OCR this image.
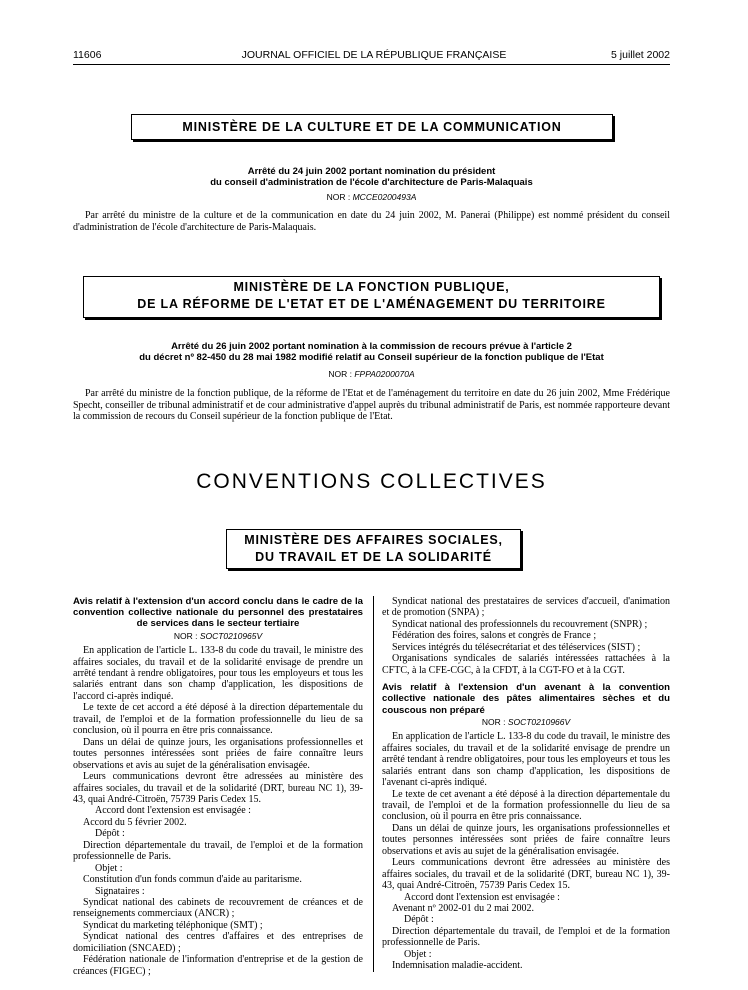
11606	JOURNAL OFFICIEL DE LA RÉPUBLIQUE FRANÇAISE	5 juillet 2002
MINISTÈRE DE LA CULTURE ET DE LA COMMUNICATION
Arrêté du 24 juin 2002 portant nomination du président
du conseil d'administration de l'école d'architecture de Paris-Malaquais
NOR : MCCE0200493A
Par arrêté du ministre de la culture et de la communication en date du 24 juin 2002, M. Panerai (Philippe) est nommé président du conseil d'administration de l'école d'architecture de Paris-Malaquais.
MINISTÈRE DE LA FONCTION PUBLIQUE,
DE LA RÉFORME DE L'ETAT ET DE L'AMÉNAGEMENT DU TERRITOIRE
Arrêté du 26 juin 2002 portant nomination à la commission de recours prévue à l'article 2
du décret nº 82-450 du 28 mai 1982 modifié relatif au Conseil supérieur de la fonction publique de l'Etat
NOR : FPPA0200070A
Par arrêté du ministre de la fonction publique, de la réforme de l'Etat et de l'aménagement du territoire en date du 26 juin 2002, Mme Frédérique Specht, conseiller de tribunal administratif et de cour administrative d'appel auprès du tribunal administratif de Paris, est nommée rapporteure devant la commission de recours du Conseil supérieur de la fonction publique de l'Etat.
CONVENTIONS COLLECTIVES
MINISTÈRE DES AFFAIRES SOCIALES,
DU TRAVAIL ET DE LA SOLIDARITÉ
Avis relatif à l'extension d'un accord conclu dans le cadre de la convention collective nationale du personnel des prestataires de services dans le secteur tertiaire
NOR : SOCT0210965V

En application de l'article L. 133-8 du code du travail, le ministre des affaires sociales, du travail et de la solidarité envisage de prendre un arrêté tendant à rendre obligatoires, pour tous les employeurs et tous les salariés entrant dans son champ d'application, les dispositions de l'accord ci-après indiqué.

Le texte de cet accord a été déposé à la direction départementale du travail, de l'emploi et de la formation professionnelle du lieu de sa conclusion, où il pourra en être pris connaissance.

Dans un délai de quinze jours, les organisations professionnelles et toutes personnes intéressées sont priées de faire connaître leurs observations et avis au sujet de la généralisation envisagée.

Leurs communications devront être adressées au ministère des affaires sociales, du travail et de la solidarité (DRT, bureau NC 1), 39-43, quai André-Citroën, 75739 Paris Cedex 15.

Accord dont l'extension est envisagée :

Accord du 5 février 2002.

Dépôt :

Direction départementale du travail, de l'emploi et de la formation professionnelle de Paris.

Objet :

Constitution d'un fonds commun d'aide au paritarisme.

Signataires :

Syndicat national des cabinets de recouvrement de créances et de renseignements commerciaux (ANCR) ;

Syndicat du marketing téléphonique (SMT) ;

Syndicat national des centres d'affaires et des entreprises de domiciliation (SNCAED) ;

Fédération nationale de l'information d'entreprise et de la gestion de créances (FIGEC) ;

Syndicat national des prestataires de services d'accueil, d'animation et de promotion (SNPA) ;

Syndicat national des professionnels du recouvrement (SNPR) ;

Fédération des foires, salons et congrès de France ;

Services intégrés du télésecrétariat et des téléservices (SIST) ;

Organisations syndicales de salariés intéressées rattachées à la CFTC, à la CFE-CGC, à la CFDT, à la CGT-FO et à la CGT.

Avis relatif à l'extension d'un avenant à la convention collective nationale des pâtes alimentaires sèches et du couscous non préparé
NOR : SOCT0210966V

En application de l'article L. 133-8 du code du travail, le ministre des affaires sociales, du travail et de la solidarité envisage de prendre un arrêté tendant à rendre obligatoires, pour tous les employeurs et tous les salariés entrant dans son champ d'application, les dispositions de l'avenant ci-après indiqué.

Le texte de cet avenant a été déposé à la direction départementale du travail, de l'emploi et de la formation professionnelle du lieu de sa conclusion, où il pourra en être pris connaissance.

Dans un délai de quinze jours, les organisations professionnelles et toutes personnes intéressées sont priées de faire connaître leurs observations et avis au sujet de la généralisation envisagée.

Leurs communications devront être adressées au ministère des affaires sociales, du travail et de la solidarité (DRT, bureau NC 1), 39-43, quai André-Citroën, 75739 Paris Cedex 15.

Accord dont l'extension est envisagée :

Avenant nº 2002-01 du 2 mai 2002.

Dépôt :

Direction départementale du travail, de l'emploi et de la formation professionnelle de Paris.

Objet :

Indemnisation maladie-accident.
